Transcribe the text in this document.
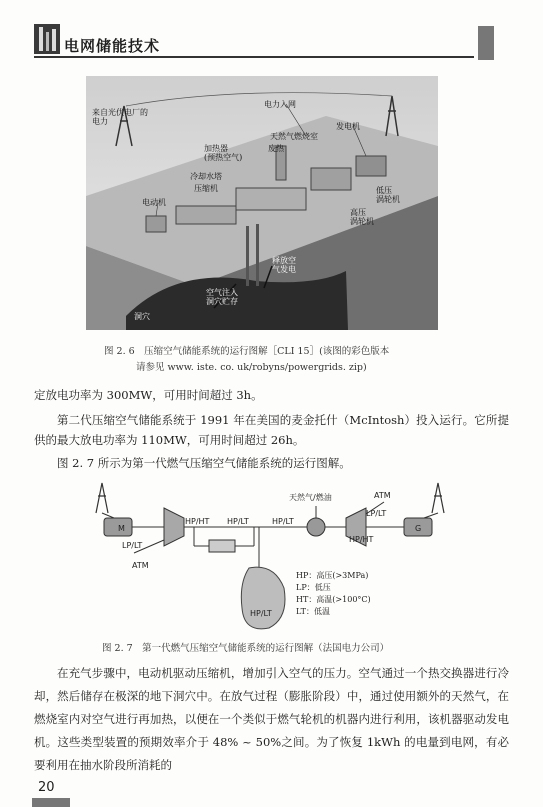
电网储能技术
来自光伏电厂的
电力
电力入网
发电机
天然气燃烧室
废热
加热器
(预热空气)
冷却水塔
压缩机
电动机
低压
涡轮机
高压
涡轮机
释放空
气发电
空气注入
洞穴贮存
洞穴
图 2. 6　压缩空气储能系统的运行图解［CLI 15］(该图的彩色版本
请参见 www. iste. co. uk/robyns/powergrids. zip)
定放电功率为 300MW，可用时间超过 3h。
第二代压缩空气储能系统于 1991 年在美国的麦金托什（McIntosh）投入运行。它所提供的最大放电功率为 110MW，可用时间超过 26h。
图 2. 7 所示为第一代燃气压缩空气储能系统的运行图解。
M	G
HP/HT HP/LT	HP/LT
LP/LT
ATM
天然气/燃油	ATM
LP/LT
HP/HT
HP/LT
HP：高压(>3MPa)
LP：低压
HT：高温(>100°C)
LT：低温
图 2. 7　第一代燃气压缩空气储能系统的运行图解（法国电力公司）
在充气步骤中，电动机驱动压缩机，增加引入空气的压力。空气通过一个热交换器进行冷却，然后储存在极深的地下洞穴中。在放气过程（膨胀阶段）中，通过使用额外的天然气，在燃烧室内对空气进行再加热，以便在一个类似于燃气轮机的机器内进行利用，该机器驱动发电机。这些类型装置的预期效率介于 48% ~ 50%之间。为了恢复 1kWh 的电量到电网，有必要利用在抽水阶段所消耗的
20
